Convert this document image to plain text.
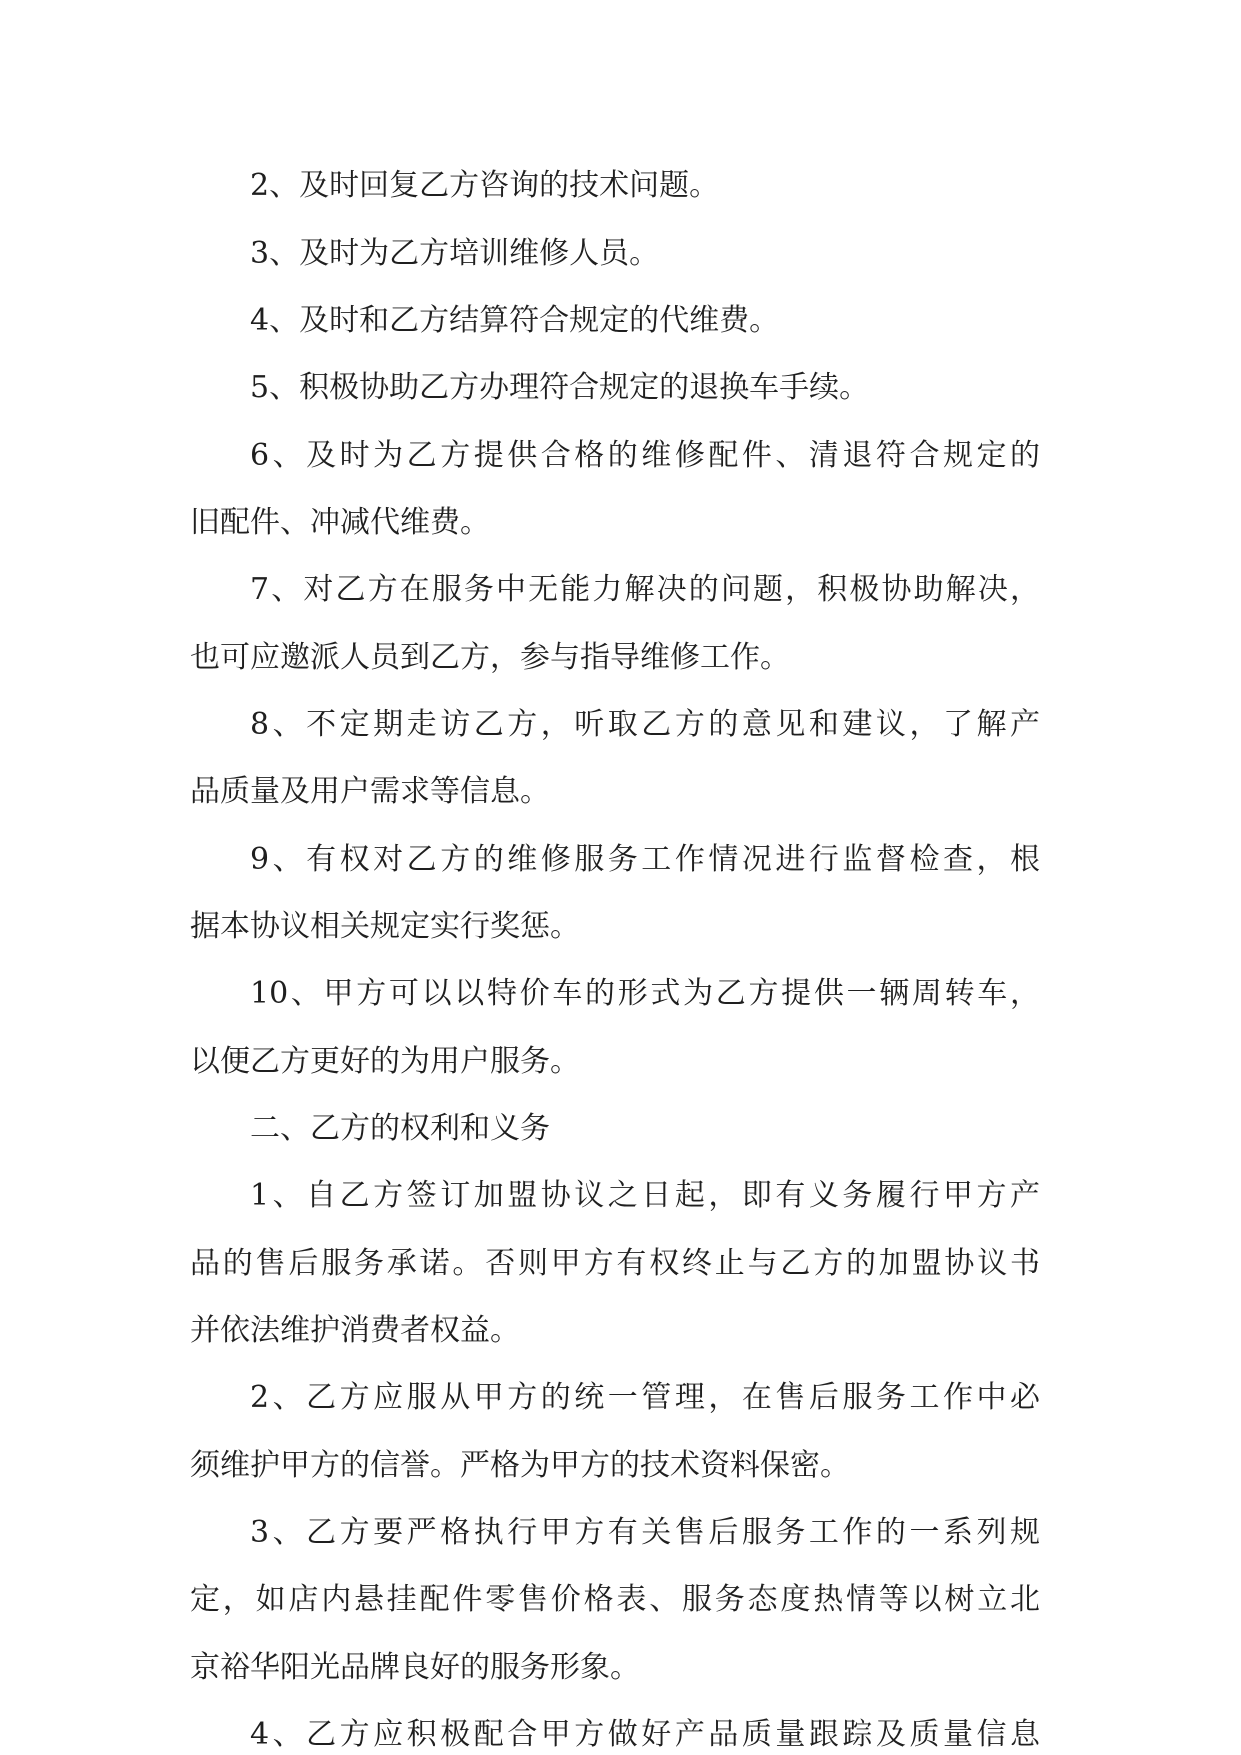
2、及时回复乙方咨询的技术问题。
3、及时为乙方培训维修人员。
4、及时和乙方结算符合规定的代维费。
5、积极协助乙方办理符合规定的退换车手续。
6、及时为乙方提供合格的维修配件、清退符合规定的
旧配件、冲减代维费。
7、对乙方在服务中无能力解决的问题，积极协助解决，
也可应邀派人员到乙方，参与指导维修工作。
8、不定期走访乙方，听取乙方的意见和建议，了解产
品质量及用户需求等信息。
9、有权对乙方的维修服务工作情况进行监督检查，根
据本协议相关规定实行奖惩。
10、甲方可以以特价车的形式为乙方提供一辆周转车，
以便乙方更好的为用户服务。
二、乙方的权利和义务
1、自乙方签订加盟协议之日起，即有义务履行甲方产
品的售后服务承诺。否则甲方有权终止与乙方的加盟协议书
并依法维护消费者权益。
2、乙方应服从甲方的统一管理，在售后服务工作中必
须维护甲方的信誉。严格为甲方的技术资料保密。
3、乙方要严格执行甲方有关售后服务工作的一系列规
定，如店内悬挂配件零售价格表、服务态度热情等以树立北
京裕华阳光品牌良好的服务形象。
4、乙方应积极配合甲方做好产品质量跟踪及质量信息
